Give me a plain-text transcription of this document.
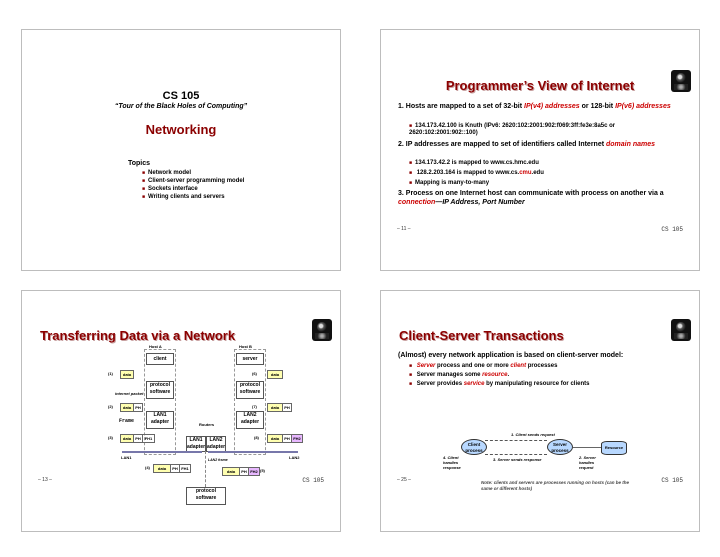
CS 105
“Tour of the Black Holes of Computing”
Networking
Topics
■ Network model
■ Client-server programming model
■ Sockets interface
■ Writing clients and servers
Programmer’s View of Internet
1. Hosts are mapped to a set of 32-bit IP(v4) addresses or 128-bit IP(v6) addresses
■ 134.173.42.100 is Knuth (IPv6: 2620:102:2001:902:f069:3ff:fe3e:8a5c or 2620:102:2001:902::100)
2. IP addresses are mapped to set of identifiers called Internet domain names
■ 134.173.42.2 is mapped to www.cs.hmc.edu
■ 128.2.203.164 is mapped to www.cs.cmu.edu
■ Mapping is many-to-many
3. Process on one Internet host can communicate with process on another via a connection—IP Address, Port Number
– 11 –	CS 105
Transferring Data via a Network
Host A	Host B
client	server
(1)	data	(6)	data
protocol software
protocol software
internet packet
(2)	data	PH	(7)	data	PH
LAN1 adapter
LAN2 adapter
Frame
Routers
(3)	data	PH FH1	(8)	data	PH FH2
LAN1 adapter
LAN2 adapter
LAN1	LAN2
LAN2 frame
(4)	data	PH FH1
data	PH FH2 (5)
protocol software
– 13 –	CS 105
Client-Server Transactions
(Almost) every network application is based on client-server model:
■ Server process and one or more client processes
■ Server manages some resource.
■ Server provides service by manipulating resource for clients
1. Client sends request
Client process
Server process
Resource
4. Client handles response
3. Server sends response	2. Server handles request
Note: clients and servers are processes running on hosts (can be the same or different hosts)
– 25 –	CS 105
